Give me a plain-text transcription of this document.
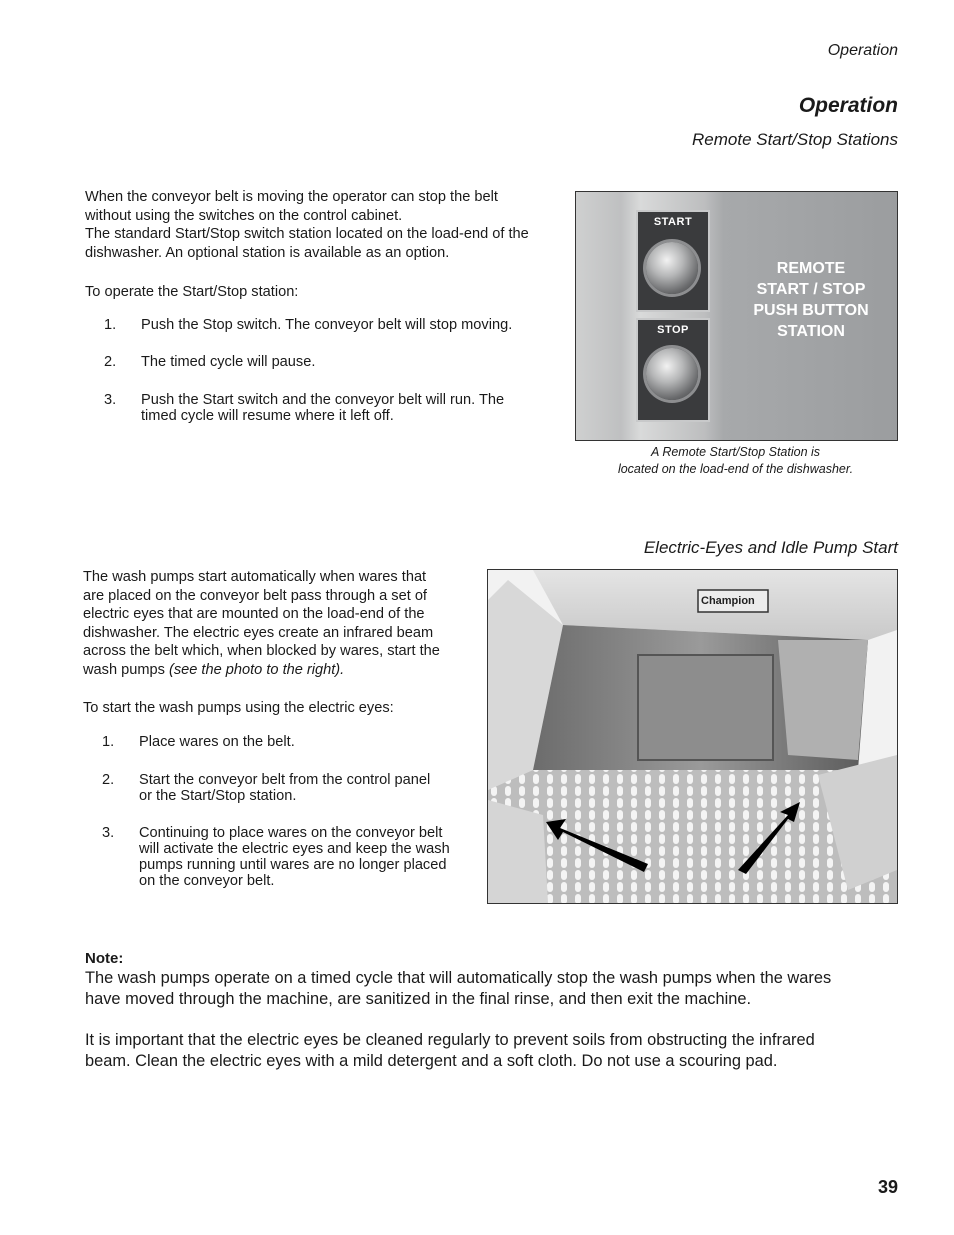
Operation
Operation
Remote Start/Stop Stations
When the conveyor belt is moving the operator can stop the belt
without using the switches on the control cabinet.
The standard Start/Stop switch station located on the load-end of the
dishwasher. An optional station is available as an option.
To operate the Start/Stop station:
1. Push the Stop switch. The conveyor belt will stop moving.
2. The timed cycle will pause.
3. Push the Start switch and the conveyor belt will run. The
timed cycle will resume where it left off.
START
STOP
REMOTE
START / STOP
PUSH BUTTON
STATION
A Remote Start/Stop Station is
located on the load-end of the dishwasher.
Electric-Eyes and Idle Pump Start
The wash pumps start automatically when wares that
are placed on the conveyor belt pass through a set of
electric eyes that are mounted on the load-end of the
dishwasher. The electric eyes create an infrared beam
across the belt which, when blocked by wares, start the
wash pumps (see the photo to the right).
To start the wash pumps using the electric eyes:
1. Place wares on the belt.
2. Start the conveyor belt from the control panel
or the Start/Stop station.
3. Continuing to place wares on the conveyor belt
will activate the electric eyes and keep the wash
pumps running until wares are no longer placed
on the conveyor belt.
Champion
Note:
The wash pumps operate on a timed cycle that will automatically stop the wash pumps when the wares
have moved through the machine, are sanitized in the final rinse, and then exit the machine.
It is important that the electric eyes be cleaned regularly to prevent soils from obstructing the infrared
beam. Clean the electric eyes with a mild detergent and a soft cloth. Do not use a scouring pad.
39
